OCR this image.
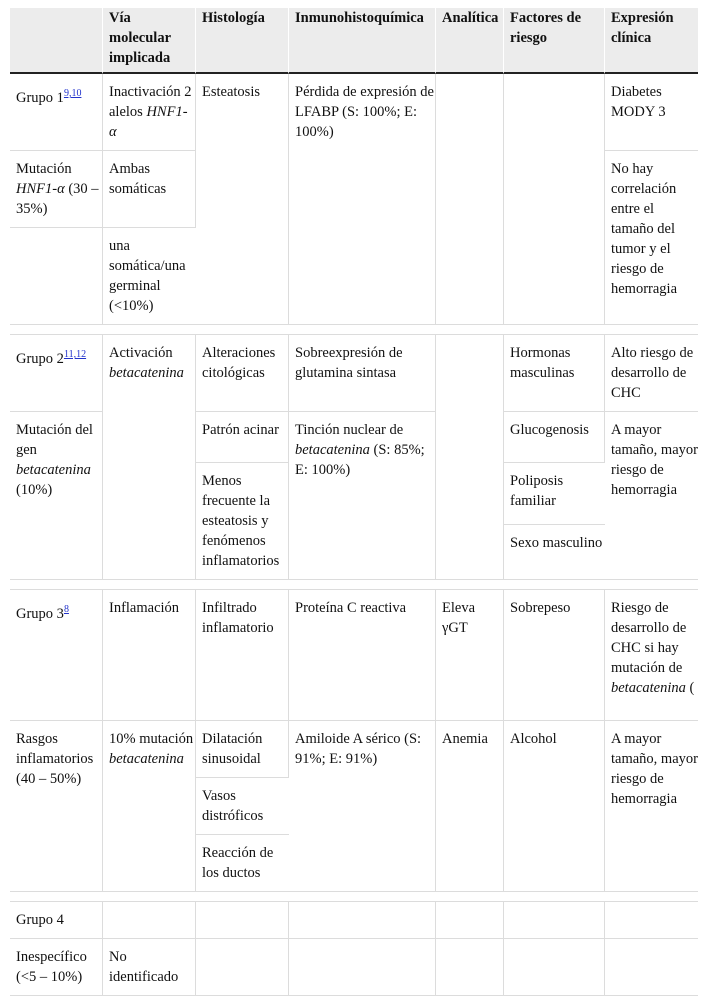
	Vía molecular implicada	Histología	Inmunohistoquímica	Analítica	Factores de riesgo	Expresión clínica
Grupo 1$^{9,10}$	Inactivación 2 alelos HNF1-α	Esteatosis	Pérdida de expresión de LFABP (S: 100%; E: 100%)			Diabetes MODY 3
Mutación HNF1-α (30 – 35%)	Ambas somáticas					No hay correlación entre el tamaño del tumor y el riesgo de hemorragia
	una somática/una germinal (<10%)					

Grupo 2$^{11,12}$	Activación betacatenina	Alteraciones citológicas	Sobreexpresión de glutamina sintasa		Hormonas masculinas	Alto riesgo de desarrollo de CHC
Mutación del gen betacatenina (10%)		Patrón acinar	Tinción nuclear de betacatenina (S: 85%; E: 100%)		Glucogenosis	A mayor tamaño, mayor riesgo de hemorragia
		Menos frecuente la esteatosis y fenómenos inflamatorios			Poliposis familiar	
					Sexo masculino	

Grupo 3$^8$	Inflamación	Infiltrado inflamatorio	Proteína C reactiva	Eleva γGT	Sobrepeso	Riesgo de desarrollo de CHC si hay mutación de betacatenina (
Rasgos inflamatorios (40 – 50%)	10% mutación betacatenina	Dilatación sinusoidal	Amiloide A sérico (S: 91%; E: 91%)	Anemia	Alcohol	A mayor tamaño, mayor riesgo de hemorragia
		Vasos distróficos				
		Reacción de los ductos				

Grupo 4						
Inespecífico (<5 – 10%)	No identificado					
